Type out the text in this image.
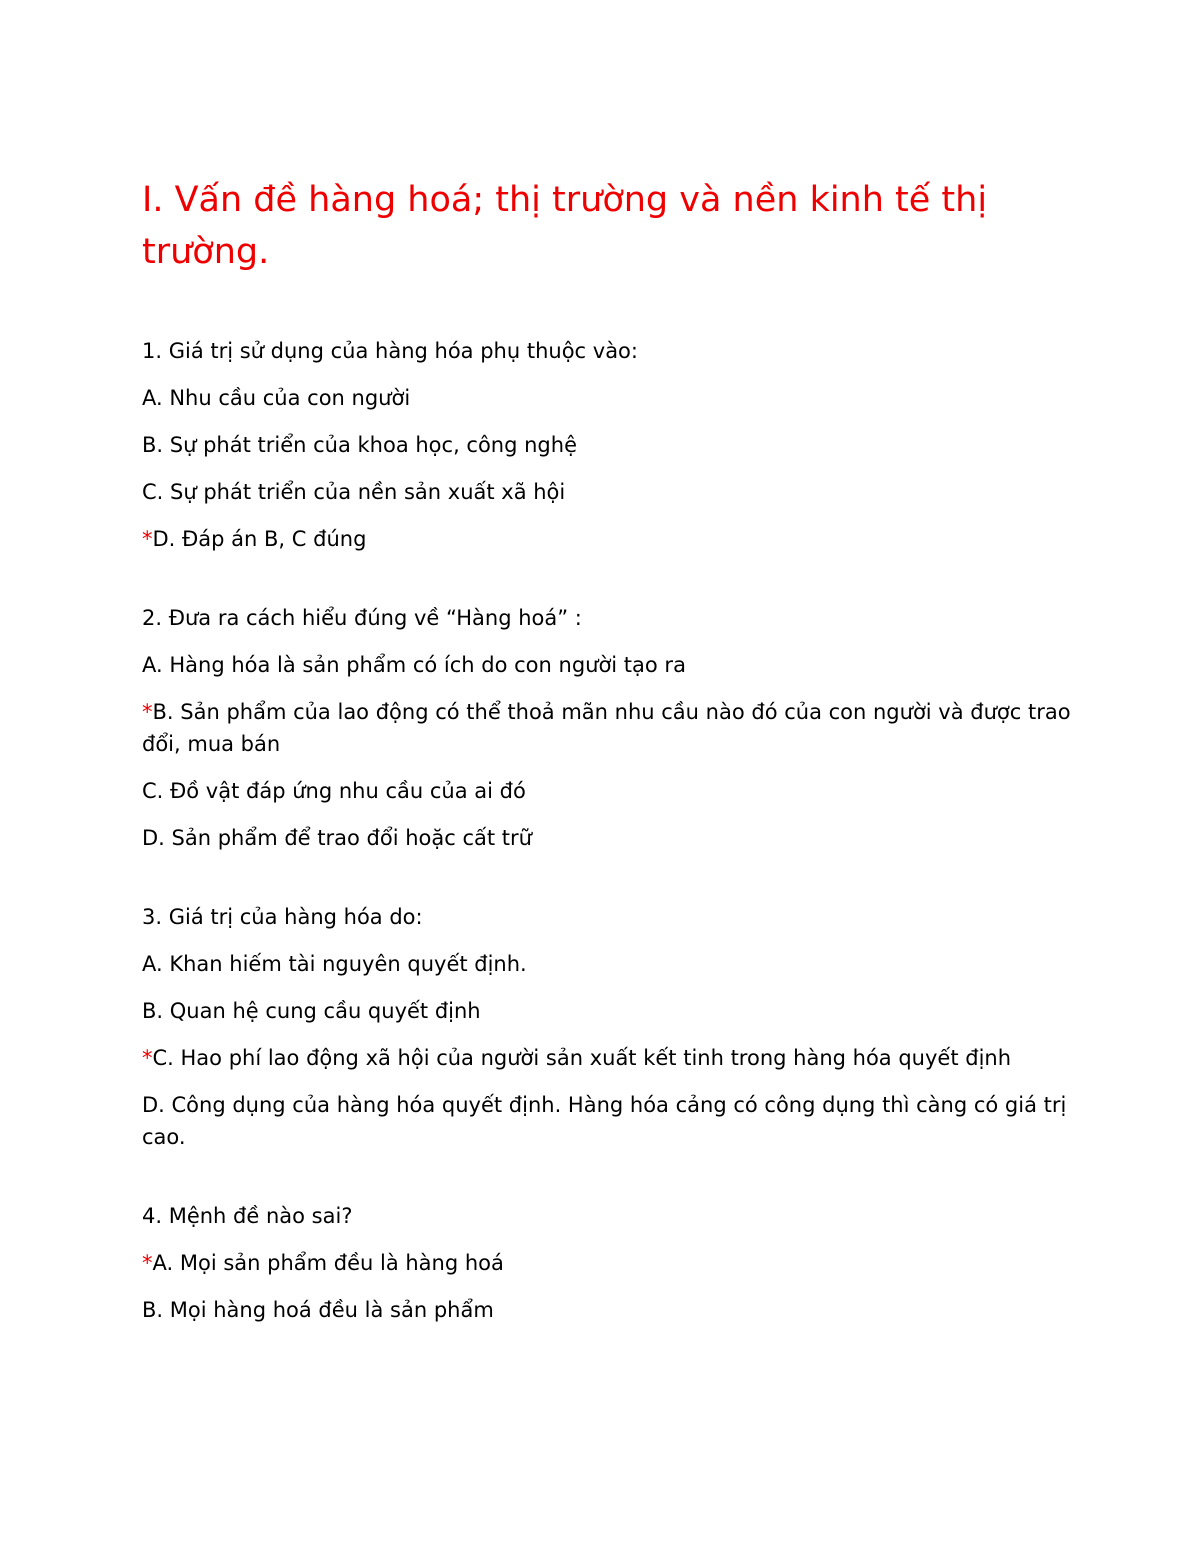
I. Vấn đề hàng hoá; thị trường và nền kinh tế thị trường.

1. Giá trị sử dụng của hàng hóa phụ thuộc vào:

A. Nhu cầu của con người

B. Sự phát triển của khoa học, công nghệ

C. Sự phát triển của nền sản xuất xã hội

*D. Đáp án B, C đúng

2. Đưa ra cách hiểu đúng về “Hàng hoá” :

A. Hàng hóa là sản phẩm có ích do con người tạo ra

*B. Sản phẩm của lao động có thể thoả mãn nhu cầu nào đó của con người và được trao đổi, mua bán

C. Đồ vật đáp ứng nhu cầu của ai đó

D. Sản phẩm để trao đổi hoặc cất trữ

3. Giá trị của hàng hóa do:

A. Khan hiếm tài nguyên quyết định.

B. Quan hệ cung cầu quyết định

*C. Hao phí lao động xã hội của người sản xuất kết tinh trong hàng hóa quyết định

D. Công dụng của hàng hóa quyết định. Hàng hóa cảng có công dụng thì càng có giá trị cao.

4. Mệnh đề nào sai?

*A. Mọi sản phẩm đều là hàng hoá

B. Mọi hàng hoá đều là sản phẩm
